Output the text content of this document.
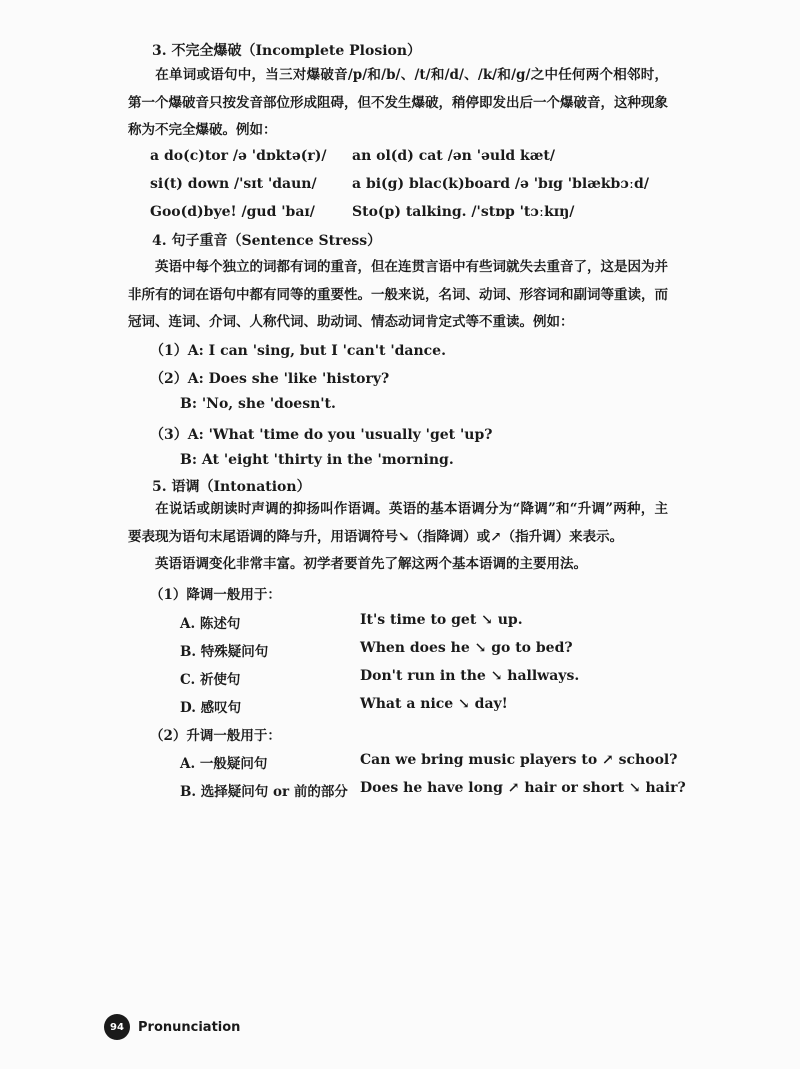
3. 不完全爆破（Incomplete Plosion）
在单词或语句中，当三对爆破音/p/和/b/、/t/和/d/、/k/和/g/之中任何两个相邻时，第一个爆破音只按发音部位形成阻碍，但不发生爆破，稍停即发出后一个爆破音，这种现象称为不完全爆破。例如：
a do(c)tor /ə 'dɒktə(r)/ an ol(d) cat /ən 'əuld kæt/
si(t) down /'sɪt 'daun/	a bi(g) blac(k)board /ə 'bɪg 'blækbɔːd/
Goo(d)bye! /gud 'baɪ/	Sto(p) talking. /'stɒp 'tɔːkɪŋ/
4. 句子重音（Sentence Stress）
英语中每个独立的词都有词的重音，但在连贯言语中有些词就失去重音了，这是因为并非所有的词在语句中都有同等的重要性。一般来说，名词、动词、形容词和副词等重读，而冠词、连词、介词、人称代词、助动词、情态动词肯定式等不重读。例如：
（1）A: I can 'sing, but I 'can't 'dance.
（2）A: Does she 'like 'history?
B: 'No, she 'doesn't.
（3）A: 'What 'time do you 'usually 'get 'up?
B: At 'eight 'thirty in the 'morning.
5. 语调（Intonation）
在说话或朗读时声调的抑扬叫作语调。英语的基本语调分为“降调”和“升调”两种，主要表现为语句末尾语调的降与升，用语调符号↘（指降调）或↗（指升调）来表示。
英语语调变化非常丰富。初学者要首先了解这两个基本语调的主要用法。
（1）降调一般用于：
A. 陈述句	It's time to get ↘ up.
B. 特殊疑问句	When does he ↘ go to bed?
C. 祈使句	Don't run in the ↘ hallways.
D. 感叹句	What a nice ↘ day!
（2）升调一般用于：
A. 一般疑问句	Can we bring music players to ↗ school?
B. 选择疑问句 or 前的部分 Does he have long ↗ hair or short ↘ hair?
94	Pronunciation
